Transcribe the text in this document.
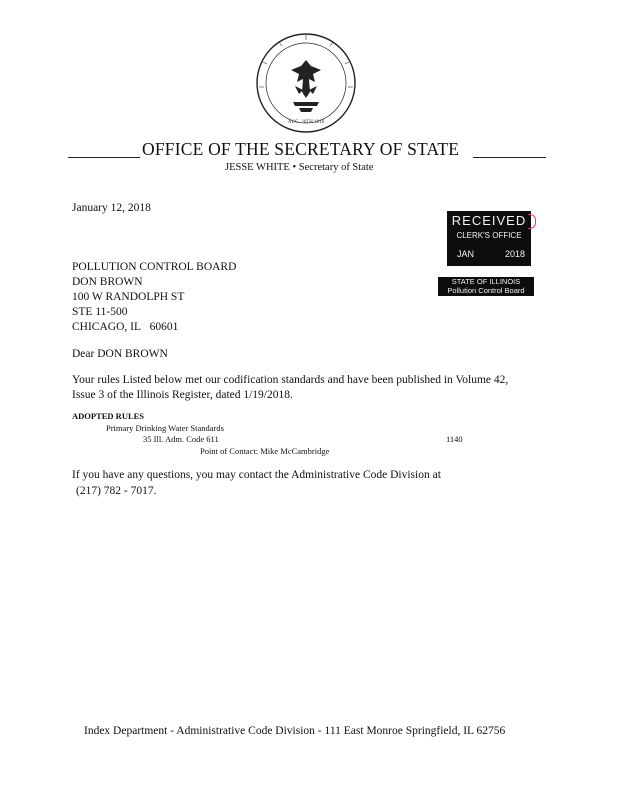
AUG. 26TH 1818
OFFICE OF THE SECRETARY OF STATE
JESSE WHITE • Secretary of State
January 12, 2018
RECEIVED
CLERK'S OFFICE
JAN	2018
STATE OF ILLINOIS
Pollution Control Board
POLLUTION CONTROL BOARD
DON BROWN
100 W RANDOLPH ST
STE 11-500
CHICAGO, IL 60601
Dear DON BROWN
Your rules Listed below met our codification standards and have been published in Volume 42, Issue 3 of the Illinois Register, dated 1/19/2018.
ADOPTED RULES
Primary Drinking Water Standards
35 Ill. Adm. Code 611	1140
Point of Contact: Mike McCambridge
If you have any questions, you may contact the Administrative Code Division at
(217) 782 - 7017.
Index Department - Administrative Code Division - 111 East Monroe Springfield, IL 62756
